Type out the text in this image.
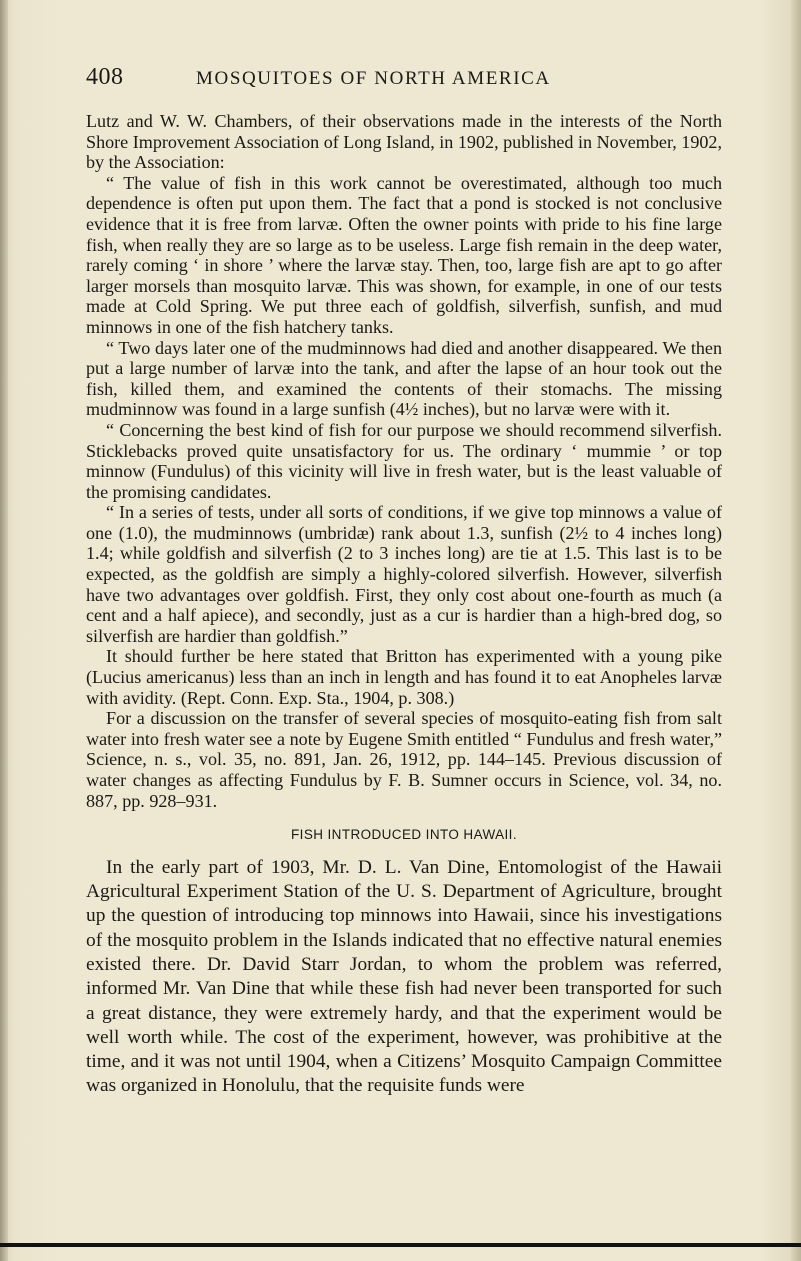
408	MOSQUITOES OF NORTH AMERICA

Lutz and W. W. Chambers, of their observations made in the interests of the North Shore Improvement Association of Long Island, in 1902, published in November, 1902, by the Association:

“ The value of fish in this work cannot be overestimated, although too much dependence is often put upon them. The fact that a pond is stocked is not conclusive evidence that it is free from larvæ. Often the owner points with pride to his fine large fish, when really they are so large as to be useless. Large fish remain in the deep water, rarely coming ‘ in shore ’ where the larvæ stay. Then, too, large fish are apt to go after larger morsels than mosquito larvæ. This was shown, for example, in one of our tests made at Cold Spring. We put three each of goldfish, silverfish, sunfish, and mud minnows in one of the fish hatchery tanks.

“ Two days later one of the mudminnows had died and another disappeared. We then put a large number of larvæ into the tank, and after the lapse of an hour took out the fish, killed them, and examined the contents of their stomachs. The missing mudminnow was found in a large sunfish (4½ inches), but no larvæ were with it.

“ Concerning the best kind of fish for our purpose we should recommend silverfish. Sticklebacks proved quite unsatisfactory for us. The ordinary ‘ mummie ’ or top minnow (Fundulus) of this vicinity will live in fresh water, but is the least valuable of the promising candidates.

“ In a series of tests, under all sorts of conditions, if we give top minnows a value of one (1.0), the mudminnows (umbridæ) rank about 1.3, sunfish (2½ to 4 inches long) 1.4; while goldfish and silverfish (2 to 3 inches long) are tie at 1.5. This last is to be expected, as the goldfish are simply a highly-colored silverfish. However, silverfish have two advantages over goldfish. First, they only cost about one-fourth as much (a cent and a half apiece), and secondly, just as a cur is hardier than a high-bred dog, so silverfish are hardier than goldfish.”

It should further be here stated that Britton has experimented with a young pike (Lucius americanus) less than an inch in length and has found it to eat Anopheles larvæ with avidity. (Rept. Conn. Exp. Sta., 1904, p. 308.)

For a discussion on the transfer of several species of mosquito-eating fish from salt water into fresh water see a note by Eugene Smith entitled “ Fundulus and fresh water,” Science, n. s., vol. 35, no. 891, Jan. 26, 1912, pp. 144–145. Previous discussion of water changes as affecting Fundulus by F. B. Sumner occurs in Science, vol. 34, no. 887, pp. 928–931.

FISH INTRODUCED INTO HAWAII.

In the early part of 1903, Mr. D. L. Van Dine, Entomologist of the Hawaii Agricultural Experiment Station of the U. S. Department of Agriculture, brought up the question of introducing top minnows into Hawaii, since his investigations of the mosquito problem in the Islands indicated that no effective natural enemies existed there. Dr. David Starr Jordan, to whom the problem was referred, informed Mr. Van Dine that while these fish had never been transported for such a great distance, they were extremely hardy, and that the experiment would be well worth while. The cost of the experiment, however, was prohibitive at the time, and it was not until 1904, when a Citizens’ Mosquito Campaign Committee was organized in Honolulu, that the requisite funds were
